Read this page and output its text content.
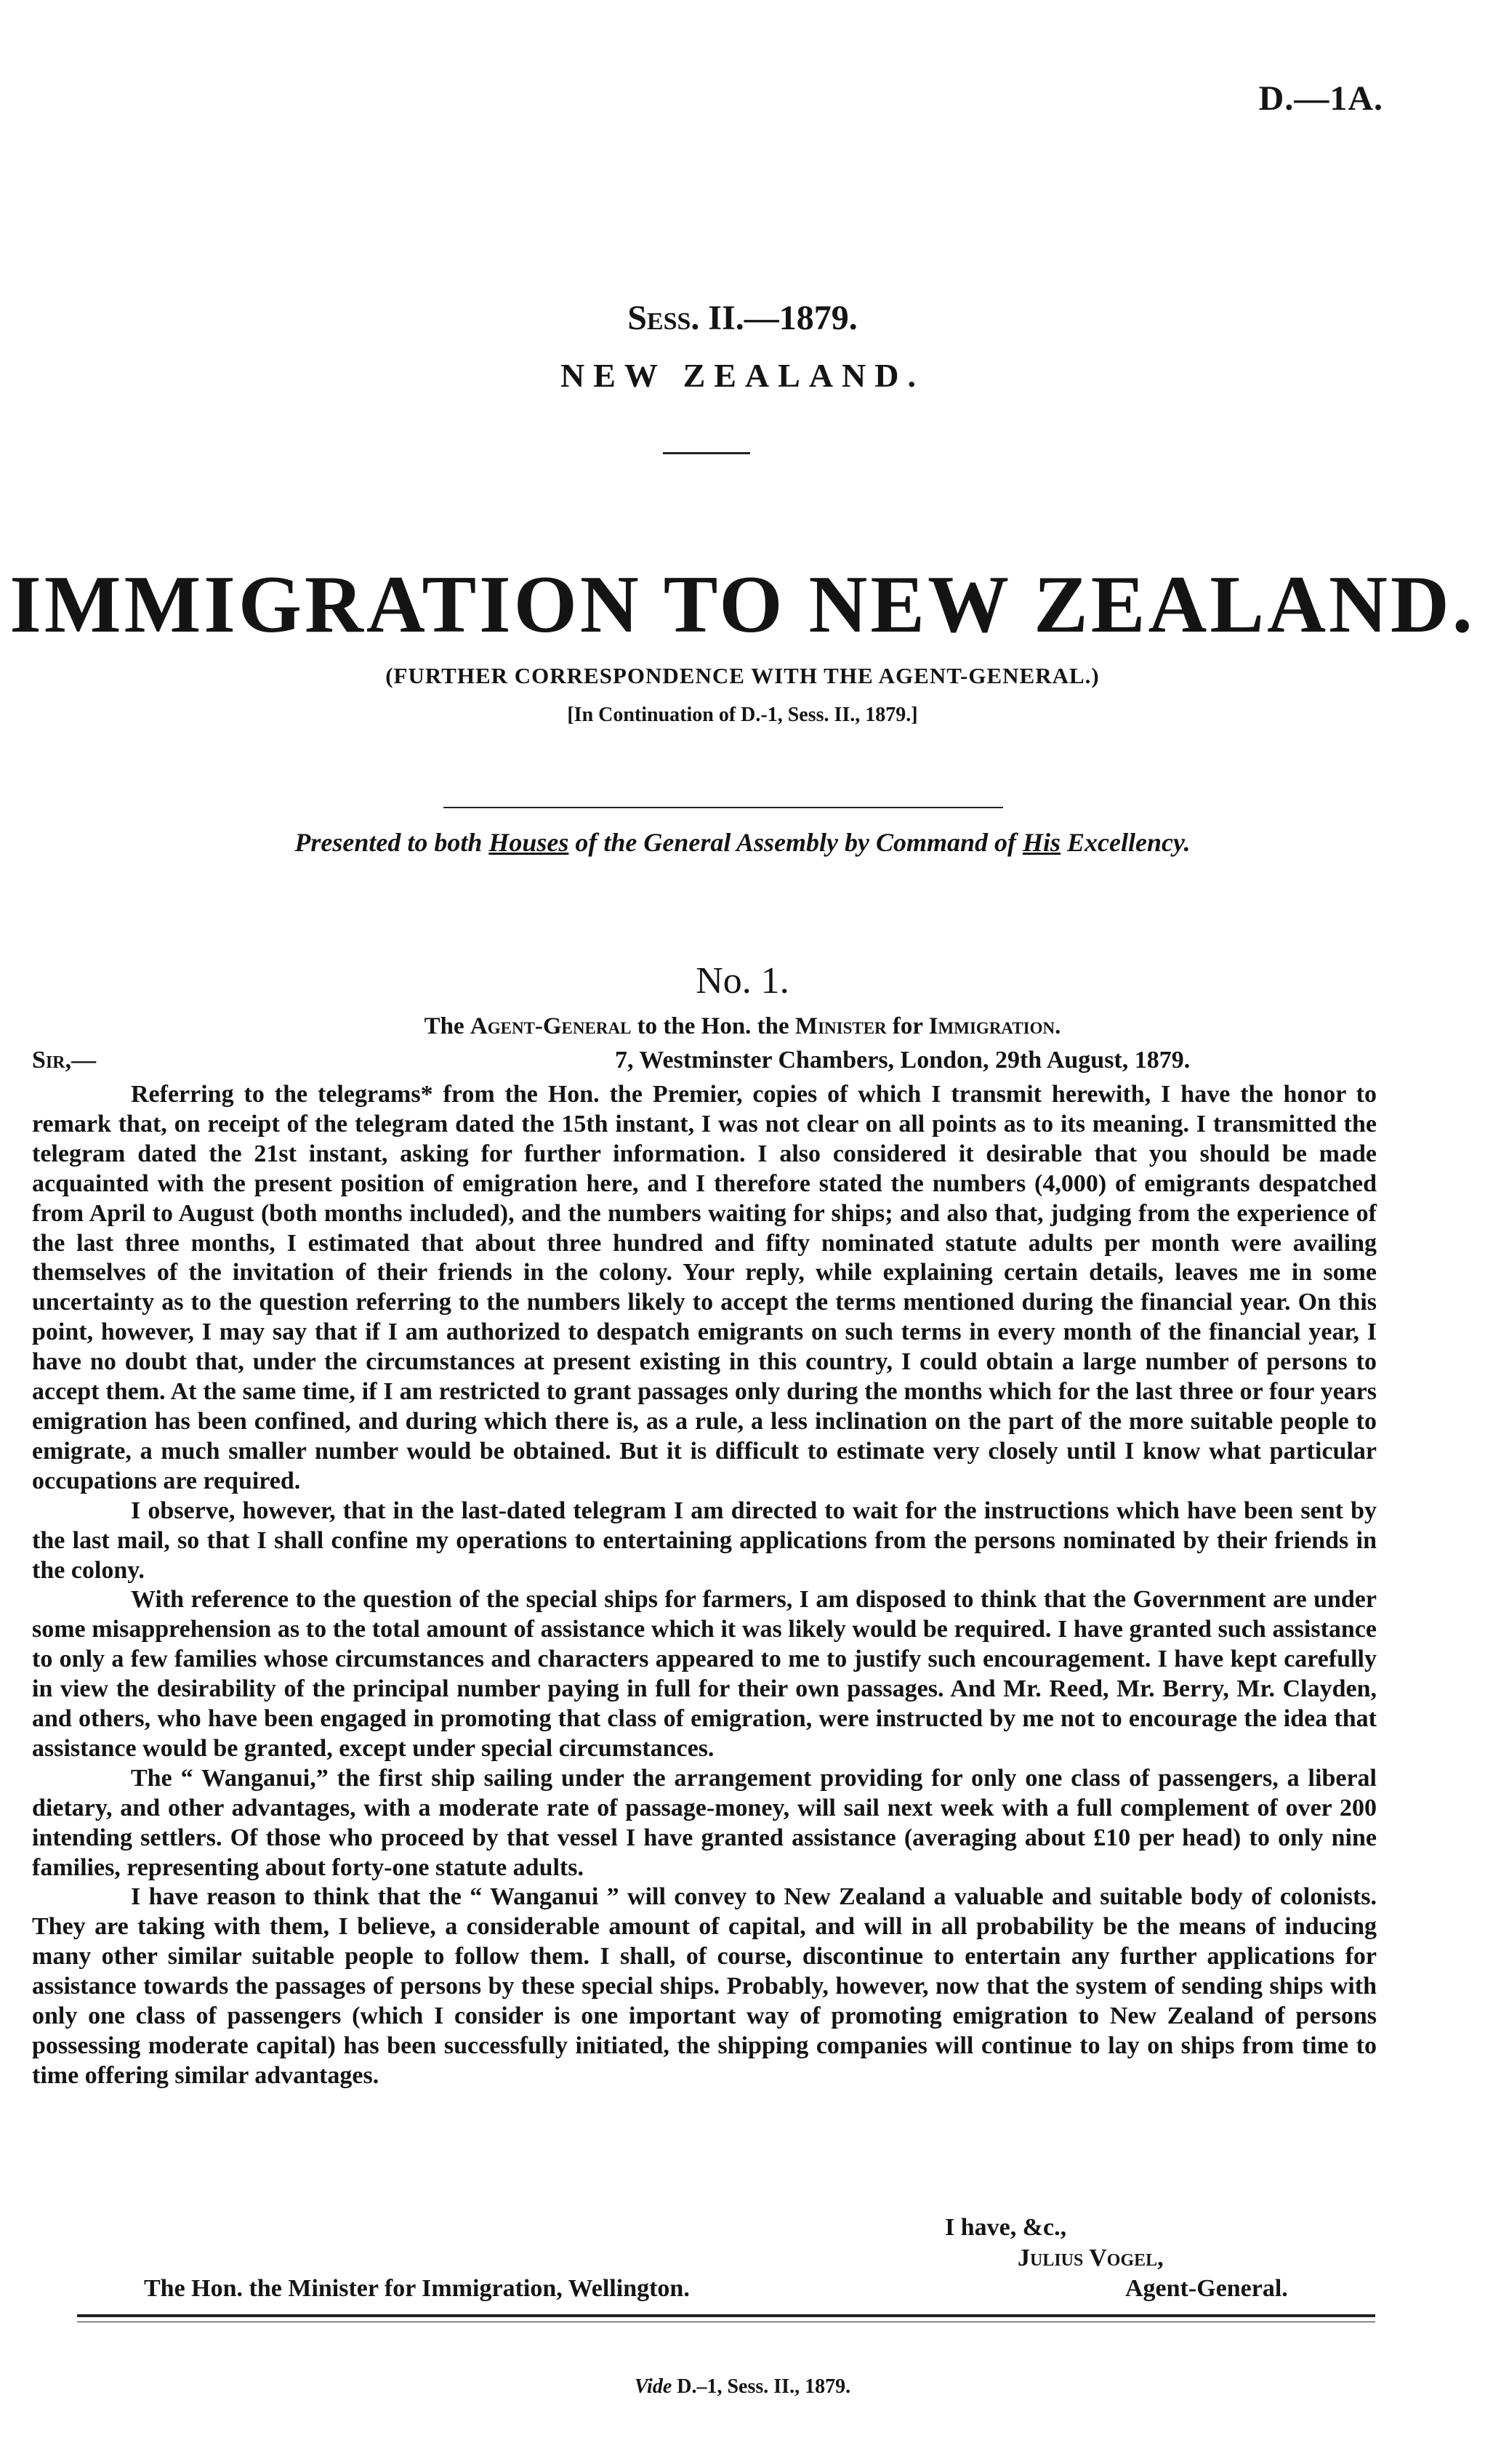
D.—1A.
Sess. II.—1879.
NEW ZEALAND.
IMMIGRATION TO NEW ZEALAND.
(FURTHER CORRESPONDENCE WITH THE AGENT-GENERAL.)
[In Continuation of D.-1, Sess. II., 1879.]
Presented to both Houses of the General Assembly by Command of His Excellency.
No. 1.
The Agent-General to the Hon. the Minister for Immigration.
Sir,—	7, Westminster Chambers, London, 29th August, 1879.

Referring to the telegrams* from the Hon. the Premier, copies of which I transmit herewith, I have the honor to remark that, on receipt of the telegram dated the 15th instant, I was not clear on all points as to its meaning. I transmitted the telegram dated the 21st instant, asking for further information. I also considered it desirable that you should be made acquainted with the present position of emigration here, and I therefore stated the numbers (4,000) of emigrants despatched from April to August (both months included), and the numbers waiting for ships; and also that, judging from the experience of the last three months, I estimated that about three hundred and fifty nominated statute adults per month were availing themselves of the invitation of their friends in the colony. Your reply, while explaining certain details, leaves me in some uncertainty as to the question referring to the numbers likely to accept the terms mentioned during the financial year. On this point, however, I may say that if I am authorized to despatch emigrants on such terms in every month of the financial year, I have no doubt that, under the circumstances at present existing in this country, I could obtain a large number of persons to accept them. At the same time, if I am restricted to grant passages only during the months which for the last three or four years emigration has been confined, and during which there is, as a rule, a less inclination on the part of the more suitable people to emigrate, a much smaller number would be obtained. But it is difficult to estimate very closely until I know what particular occupations are required.

I observe, however, that in the last-dated telegram I am directed to wait for the instructions which have been sent by the last mail, so that I shall confine my operations to entertaining applications from the persons nominated by their friends in the colony.

With reference to the question of the special ships for farmers, I am disposed to think that the Government are under some misapprehension as to the total amount of assistance which it was likely would be required. I have granted such assistance to only a few families whose circumstances and characters appeared to me to justify such encouragement. I have kept carefully in view the desirability of the principal number paying in full for their own passages. And Mr. Reed, Mr. Berry, Mr. Clayden, and others, who have been engaged in promoting that class of emigration, were instructed by me not to encourage the idea that assistance would be granted, except under special circumstances.

The “ Wanganui,” the first ship sailing under the arrangement providing for only one class of passengers, a liberal dietary, and other advantages, with a moderate rate of passage-money, will sail next week with a full complement of over 200 intending settlers. Of those who proceed by that vessel I have granted assistance (averaging about £10 per head) to only nine families, representing about forty-one statute adults.

I have reason to think that the “ Wanganui ” will convey to New Zealand a valuable and suitable body of colonists. They are taking with them, I believe, a considerable amount of capital, and will in all probability be the means of inducing many other similar suitable people to follow them. I shall, of course, discontinue to entertain any further applications for assistance towards the passages of persons by these special ships. Probably, however, now that the system of sending ships with only one class of passengers (which I consider is one important way of promoting emigration to New Zealand of persons possessing moderate capital) has been successfully initiated, the shipping companies will continue to lay on ships from time to time offering similar advantages.

I have, &c.,
Julius Vogel,
The Hon. the Minister for Immigration, Wellington.	Agent-General.
Vide D.–1, Sess. II., 1879.
